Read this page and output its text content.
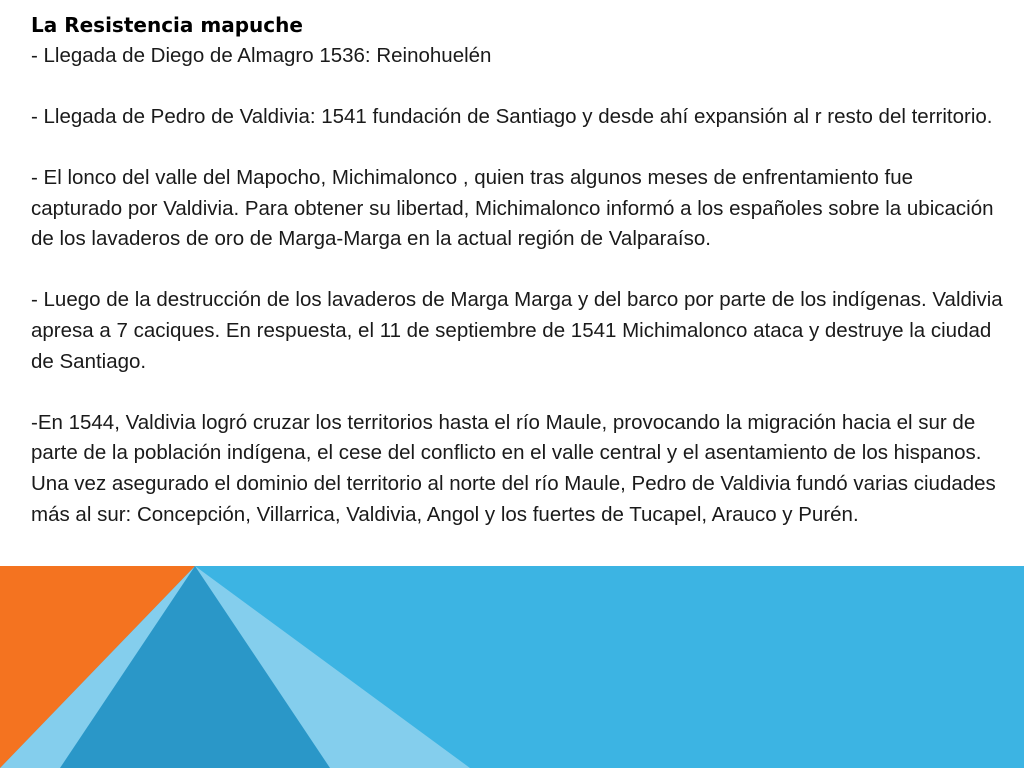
La Resistencia mapuche

- Llegada de Diego de Almagro 1536: Reinohuelén

- Llegada de Pedro de Valdivia: 1541 fundación de Santiago y desde ahí expansión al r resto del territorio.

- El lonco del valle del Mapocho, Michimalonco , quien tras algunos meses de enfrentamiento fue capturado por Valdivia. Para obtener su libertad, Michimalonco informó a los españoles sobre la ubicación de los lavaderos de oro de Marga-Marga en la actual región de Valparaíso.

- Luego de la destrucción de los lavaderos de Marga Marga y del barco por parte de los indígenas. Valdivia apresa a 7 caciques. En respuesta, el 11 de septiembre de 1541 Michimalonco ataca y destruye la ciudad de Santiago.

-En 1544, Valdivia logró cruzar los territorios hasta el río Maule, provocando la migración hacia el sur de parte de la población indígena, el cese del conflicto en el valle central y el asentamiento de los hispanos. Una vez asegurado el dominio del territorio al norte del río Maule, Pedro de Valdivia fundó varias ciudades más al sur: Concepción, Villarrica, Valdivia, Angol y los fuertes de Tucapel, Arauco y Purén.
